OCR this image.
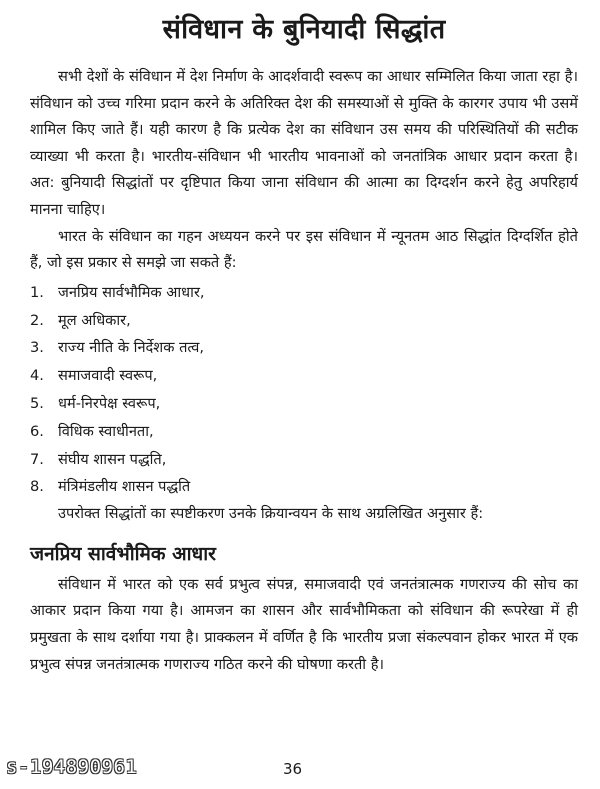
संविधान के बुनियादी सिद्धांत

सभी देशों के संविधान में देश निर्माण के आदर्शवादी स्वरूप का आधार सम्मिलित किया जाता रहा है। संविधान को उच्च गरिमा प्रदान करने के अतिरिक्त देश की समस्याओं से मुक्ति के कारगर उपाय भी उसमें शामिल किए जाते हैं। यही कारण है कि प्रत्येक देश का संविधान उस समय की परिस्थितियों की सटीक व्याख्या भी करता है। भारतीय-संविधान भी भारतीय भावनाओं को जनतांत्रिक आधार प्रदान करता है। अत: बुनियादी सिद्धांतों पर दृष्टिपात किया जाना संविधान की आत्मा का दिग्दर्शन करने हेतु अपरिहार्य मानना चाहिए।

भारत के संविधान का गहन अध्ययन करने पर इस संविधान में न्यूनतम आठ सिद्धांत दिग्दर्शित होते हैं, जो इस प्रकार से समझे जा सकते हैं:

1. जनप्रिय सार्वभौमिक आधार,
2. मूल अधिकार,
3. राज्य नीति के निर्देशक तत्व,
4. समाजवादी स्वरूप,
5. धर्म-निरपेक्ष स्वरूप,
6. विधिक स्वाधीनता,
7. संघीय शासन पद्धति,
8. मंत्रिमंडलीय शासन पद्धति

उपरोक्त सिद्धांतों का स्पष्टीकरण उनके क्रियान्वयन के साथ अग्रलिखित अनुसार हैं:

जनप्रिय सार्वभौमिक आधार

संविधान में भारत को एक सर्व प्रभुत्व संपन्न, समाजवादी एवं जनतंत्रात्मक गणराज्य की सोच का आकार प्रदान किया गया है। आमजन का शासन और सार्वभौमिकता को संविधान की रूपरेखा में ही प्रमुखता के साथ दर्शाया गया है। प्राक्कलन में वर्णित है कि भारतीय प्रजा संकल्पवान होकर भारत में एक प्रभुत्व संपन्न जनतंत्रात्मक गणराज्य गठित करने की घोषणा करती है।

s-194890961	36
